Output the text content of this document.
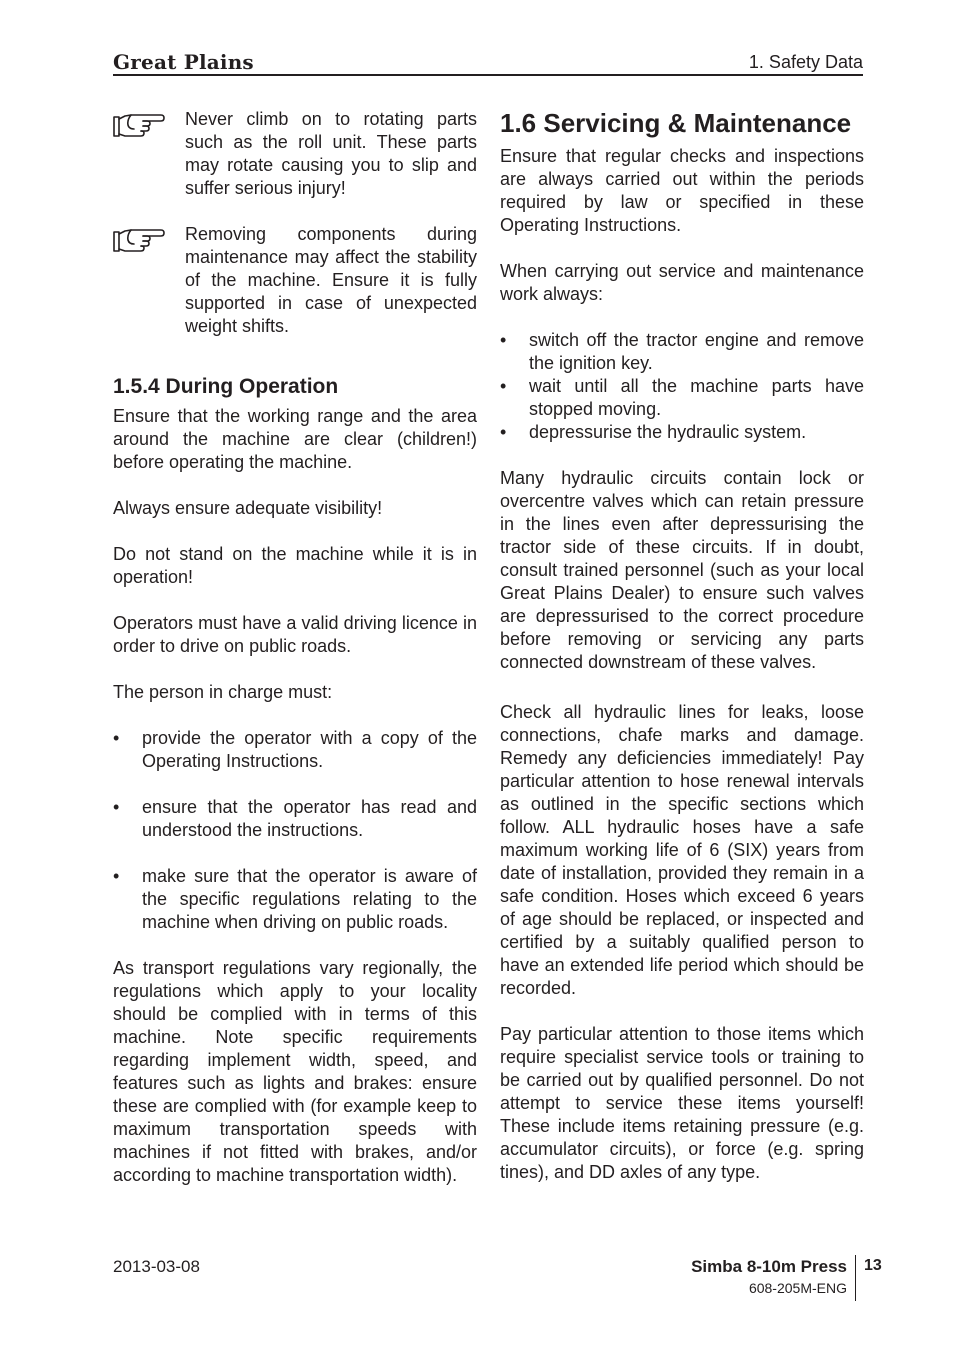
Great Plains	1. Safety Data

Never climb on to rotating parts such as the roll unit. These parts may rotate causing you to slip and suffer serious injury!

Removing components during maintenance may affect the stability of the machine. Ensure it is fully supported in case of unexpected weight shifts.

1.5.4 During Operation

Ensure that the working range and the area around the machine are clear (children!) before operating the machine.

Always ensure adequate visibility!

Do not stand on the machine while it is in operation!

Operators must have a valid driving licence in order to drive on public roads.

The person in charge must:

• provide the operator with a copy of the Operating Instructions.
• ensure that the operator has read and understood the instructions.
• make sure that the operator is aware of the specific regulations relating to the machine when driving on public roads.

As transport regulations vary regionally, the regulations which apply to your locality should be complied with in terms of this machine. Note specific requirements regarding implement width, speed, and features such as lights and brakes: ensure these are complied with (for example keep to maximum transportation speeds with machines if not fitted with brakes, and/or according to machine transportation width).

1.6 Servicing & Maintenance

Ensure that regular checks and inspections are always carried out within the periods required by law or specified in these Operating Instructions.

When carrying out service and maintenance work always:

• switch off the tractor engine and remove the ignition key.
• wait until all the machine parts have stopped moving.
• depressurise the hydraulic system.

Many hydraulic circuits contain lock or overcentre valves which can retain pressure in the lines even after depressurising the tractor side of these circuits. If in doubt, consult trained personnel (such as your local Great Plains Dealer) to ensure such valves are depressurised to the correct procedure before removing or servicing any parts connected downstream of these valves.

Check all hydraulic lines for leaks, loose connections, chafe marks and damage. Remedy any deficiencies immediately! Pay particular attention to hose renewal intervals as outlined in the specific sections which follow. ALL hydraulic hoses have a safe maximum working life of 6 (SIX) years from date of installation, provided they remain in a safe condition. Hoses which exceed 6 years of age should be replaced, or inspected and certified by a suitably qualified person to have an extended life period which should be recorded.

Pay particular attention to those items which require specialist service tools or training to be carried out by qualified personnel. Do not attempt to service these items yourself! These include items retaining pressure (e.g. accumulator circuits), or force (e.g. spring tines), and DD axles of any type.

2013-03-08	Simba 8-10m Press
608-205M-ENG
13
